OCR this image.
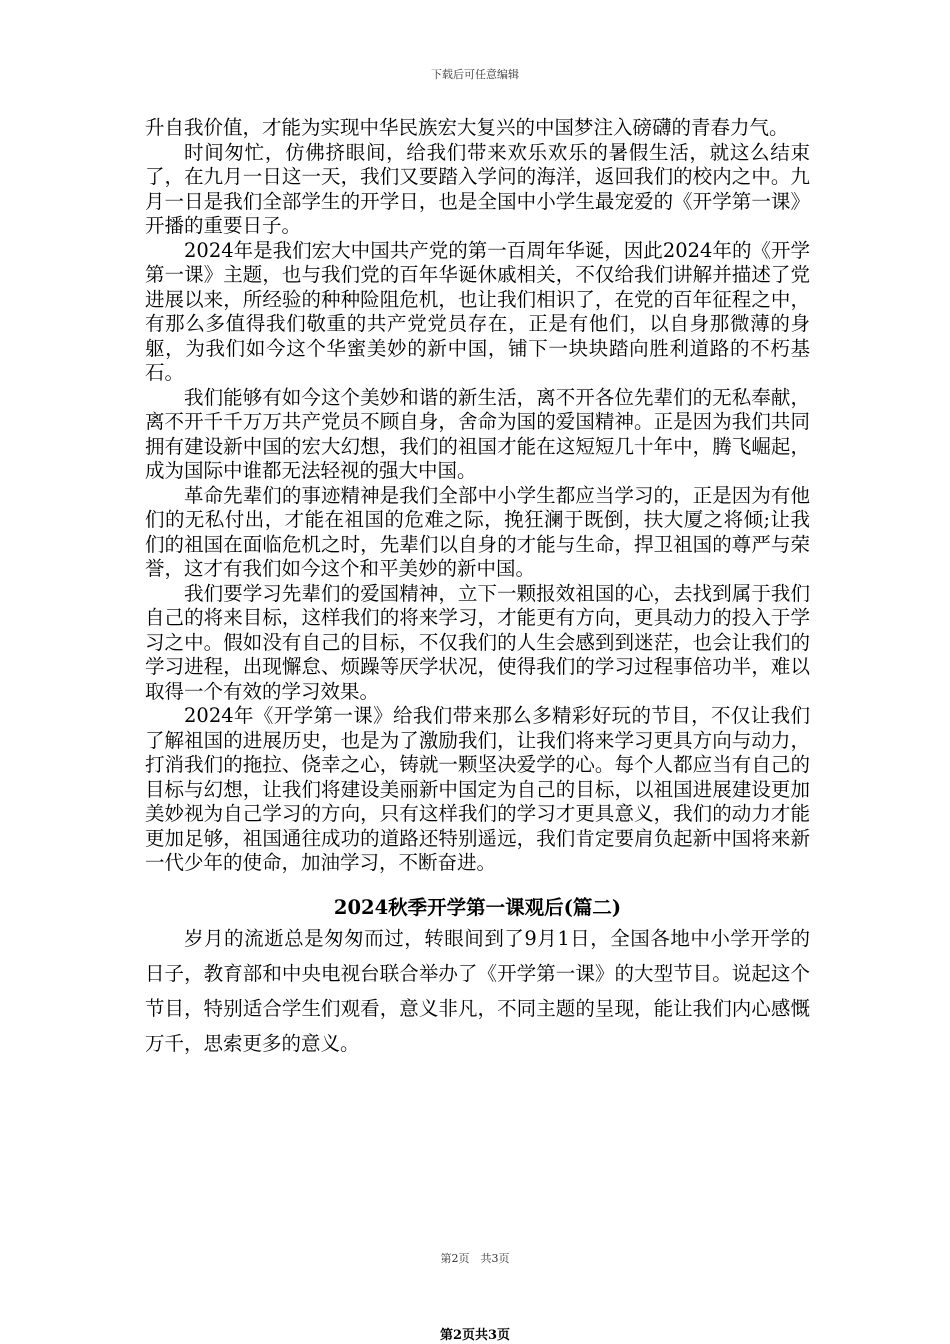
下载后可任意编辑

升自我价值，才能为实现中华民族宏大复兴的中国梦注入磅礴的青春力气。

时间匆忙，仿佛挤眼间，给我们带来欢乐欢乐的暑假生活，就这么结束了，在九月一日这一天，我们又要踏入学问的海洋，返回我们的校内之中。九月一日是我们全部学生的开学日，也是全国中小学生最宠爱的《开学第一课》开播的重要日子。

2024年是我们宏大中国共产党的第一百周年华诞，因此2024年的《开学第一课》主题，也与我们党的百年华诞休戚相关，不仅给我们讲解并描述了党进展以来，所经验的种种险阻危机，也让我们相识了，在党的百年征程之中，有那么多值得我们敬重的共产党党员存在，正是有他们，以自身那微薄的身躯，为我们如今这个华蜜美妙的新中国，铺下一块块踏向胜利道路的不朽基石。

我们能够有如今这个美妙和谐的新生活，离不开各位先辈们的无私奉献，离不开千千万万共产党员不顾自身，舍命为国的爱国精神。正是因为我们共同拥有建设新中国的宏大幻想，我们的祖国才能在这短短几十年中，腾飞崛起，成为国际中谁都无法轻视的强大中国。

革命先辈们的事迹精神是我们全部中小学生都应当学习的，正是因为有他们的无私付出，才能在祖国的危难之际，挽狂澜于既倒，扶大厦之将倾;让我们的祖国在面临危机之时，先辈们以自身的才能与生命，捍卫祖国的尊严与荣誉，这才有我们如今这个和平美妙的新中国。

我们要学习先辈们的爱国精神，立下一颗报效祖国的心，去找到属于我们自己的将来目标，这样我们的将来学习，才能更有方向，更具动力的投入于学习之中。假如没有自己的目标，不仅我们的人生会感到到迷茫，也会让我们的学习进程，出现懈怠、烦躁等厌学状况，使得我们的学习过程事倍功半，难以取得一个有效的学习效果。

2024年《开学第一课》给我们带来那么多精彩好玩的节目，不仅让我们了解祖国的进展历史，也是为了激励我们，让我们将来学习更具方向与动力，打消我们的拖拉、侥幸之心，铸就一颗坚决爱学的心。每个人都应当有自己的目标与幻想，让我们将建设美丽新中国定为自己的目标，以祖国进展建设更加美妙视为自己学习的方向，只有这样我们的学习才更具意义，我们的动力才能更加足够，祖国通往成功的道路还特别遥远，我们肯定要肩负起新中国将来新一代少年的使命，加油学习，不断奋进。

2024秋季开学第一课观后(篇二)

岁月的流逝总是匆匆而过，转眼间到了9月1日，全国各地中小学开学的日子，教育部和中央电视台联合举办了《开学第一课》的大型节目。说起这个节目，特别适合学生们观看，意义非凡，不同主题的呈现，能让我们内心感慨万千，思索更多的意义。

第2页　共3页
第2页共3页
